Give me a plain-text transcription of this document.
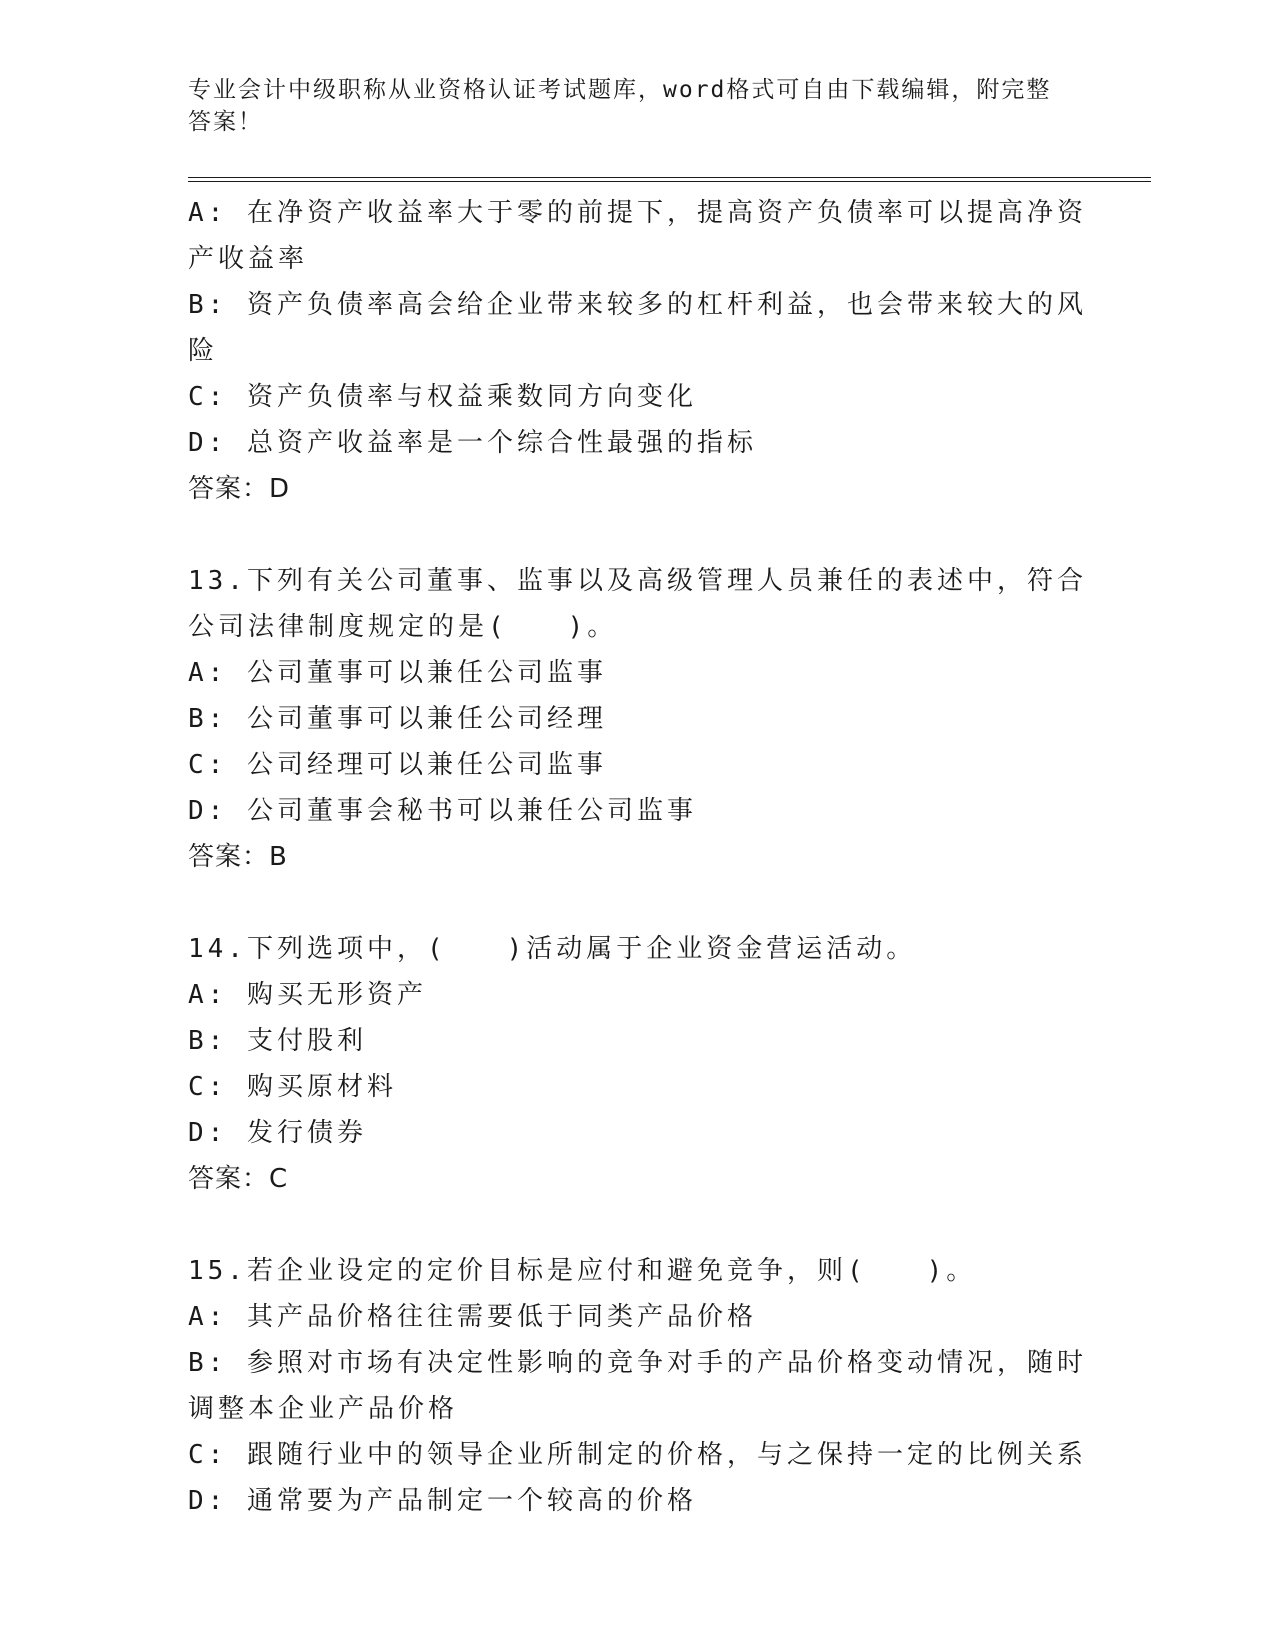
专业会计中级职称从业资格认证考试题库，word格式可自由下载编辑，附完整答案！

A: 在净资产收益率大于零的前提下，提高资产负债率可以提高净资产收益率

B: 资产负债率高会给企业带来较多的杠杆利益，也会带来较大的风险

C: 资产负债率与权益乘数同方向变化

D: 总资产收益率是一个综合性最强的指标

答案：D

13.下列有关公司董事、监事以及高级管理人员兼任的表述中，符合公司法律制度规定的是(　　)。

A: 公司董事可以兼任公司监事

B: 公司董事可以兼任公司经理

C: 公司经理可以兼任公司监事

D: 公司董事会秘书可以兼任公司监事

答案：B

14.下列选项中，(　　)活动属于企业资金营运活动。

A: 购买无形资产

B: 支付股利

C: 购买原材料

D: 发行债券

答案：C

15.若企业设定的定价目标是应付和避免竞争，则(　　)。

A: 其产品价格往往需要低于同类产品价格

B: 参照对市场有决定性影响的竞争对手的产品价格变动情况，随时调整本企业产品价格

C: 跟随行业中的领导企业所制定的价格，与之保持一定的比例关系

D: 通常要为产品制定一个较高的价格
